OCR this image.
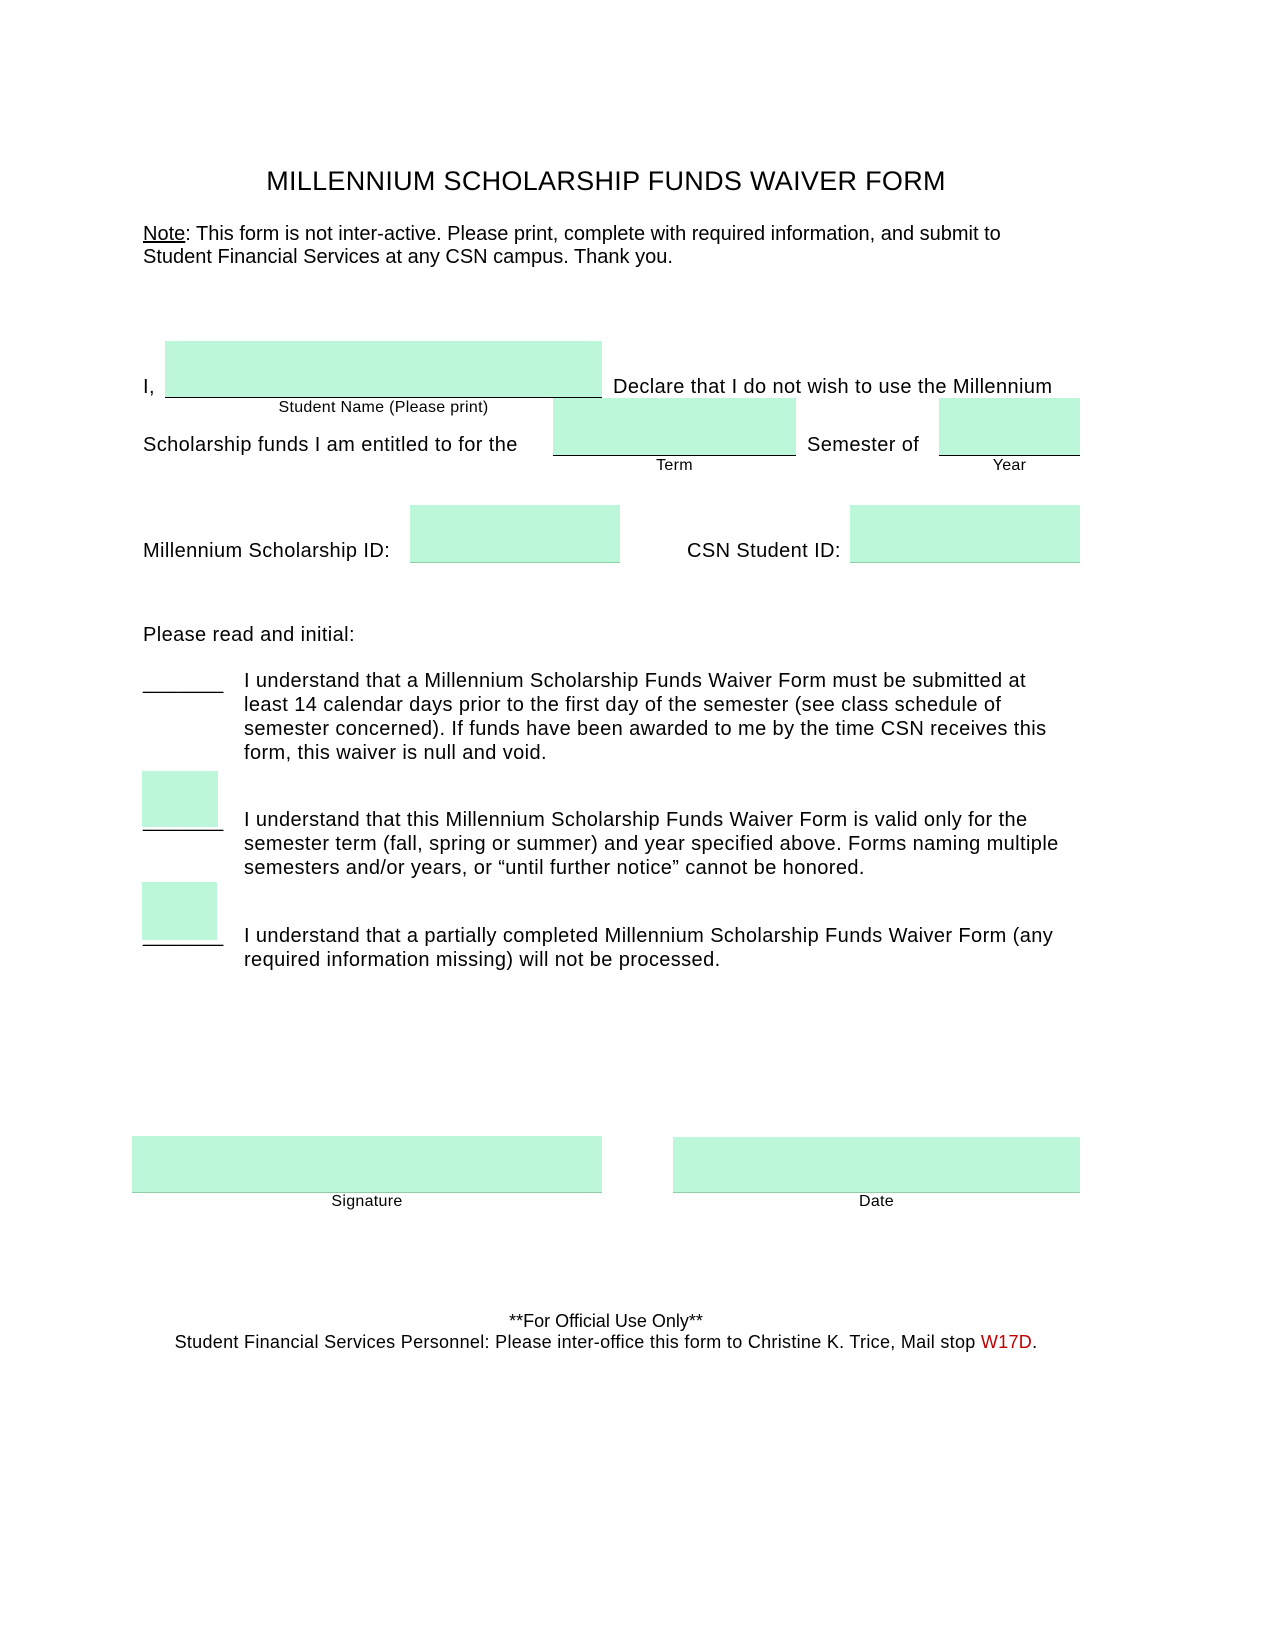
MILLENNIUM SCHOLARSHIP FUNDS WAIVER FORM
Note: This form is not inter-active. Please print, complete with required information, and submit to
Student Financial Services at any CSN campus. Thank you.
I,	Declare that I do not wish to use the Millennium
Student Name (Please print)
Scholarship funds I am entitled to for the
Term
Semester of
Year
Millennium Scholarship ID:	CSN Student ID:
Please read and initial:
_______ I understand that a Millennium Scholarship Funds Waiver Form must be submitted at least 14 calendar days prior to the first day of the semester (see class schedule of semester concerned). If funds have been awarded to me by the time CSN receives this form, this waiver is null and void.
_______ I understand that this Millennium Scholarship Funds Waiver Form is valid only for the semester term (fall, spring or summer) and year specified above. Forms naming multiple semesters and/or years, or “until further notice” cannot be honored.
_______ I understand that a partially completed Millennium Scholarship Funds Waiver Form (any required information missing) will not be processed.
Signature	Date
**For Official Use Only**
Student Financial Services Personnel: Please inter-office this form to Christine K. Trice, Mail stop W17D.
